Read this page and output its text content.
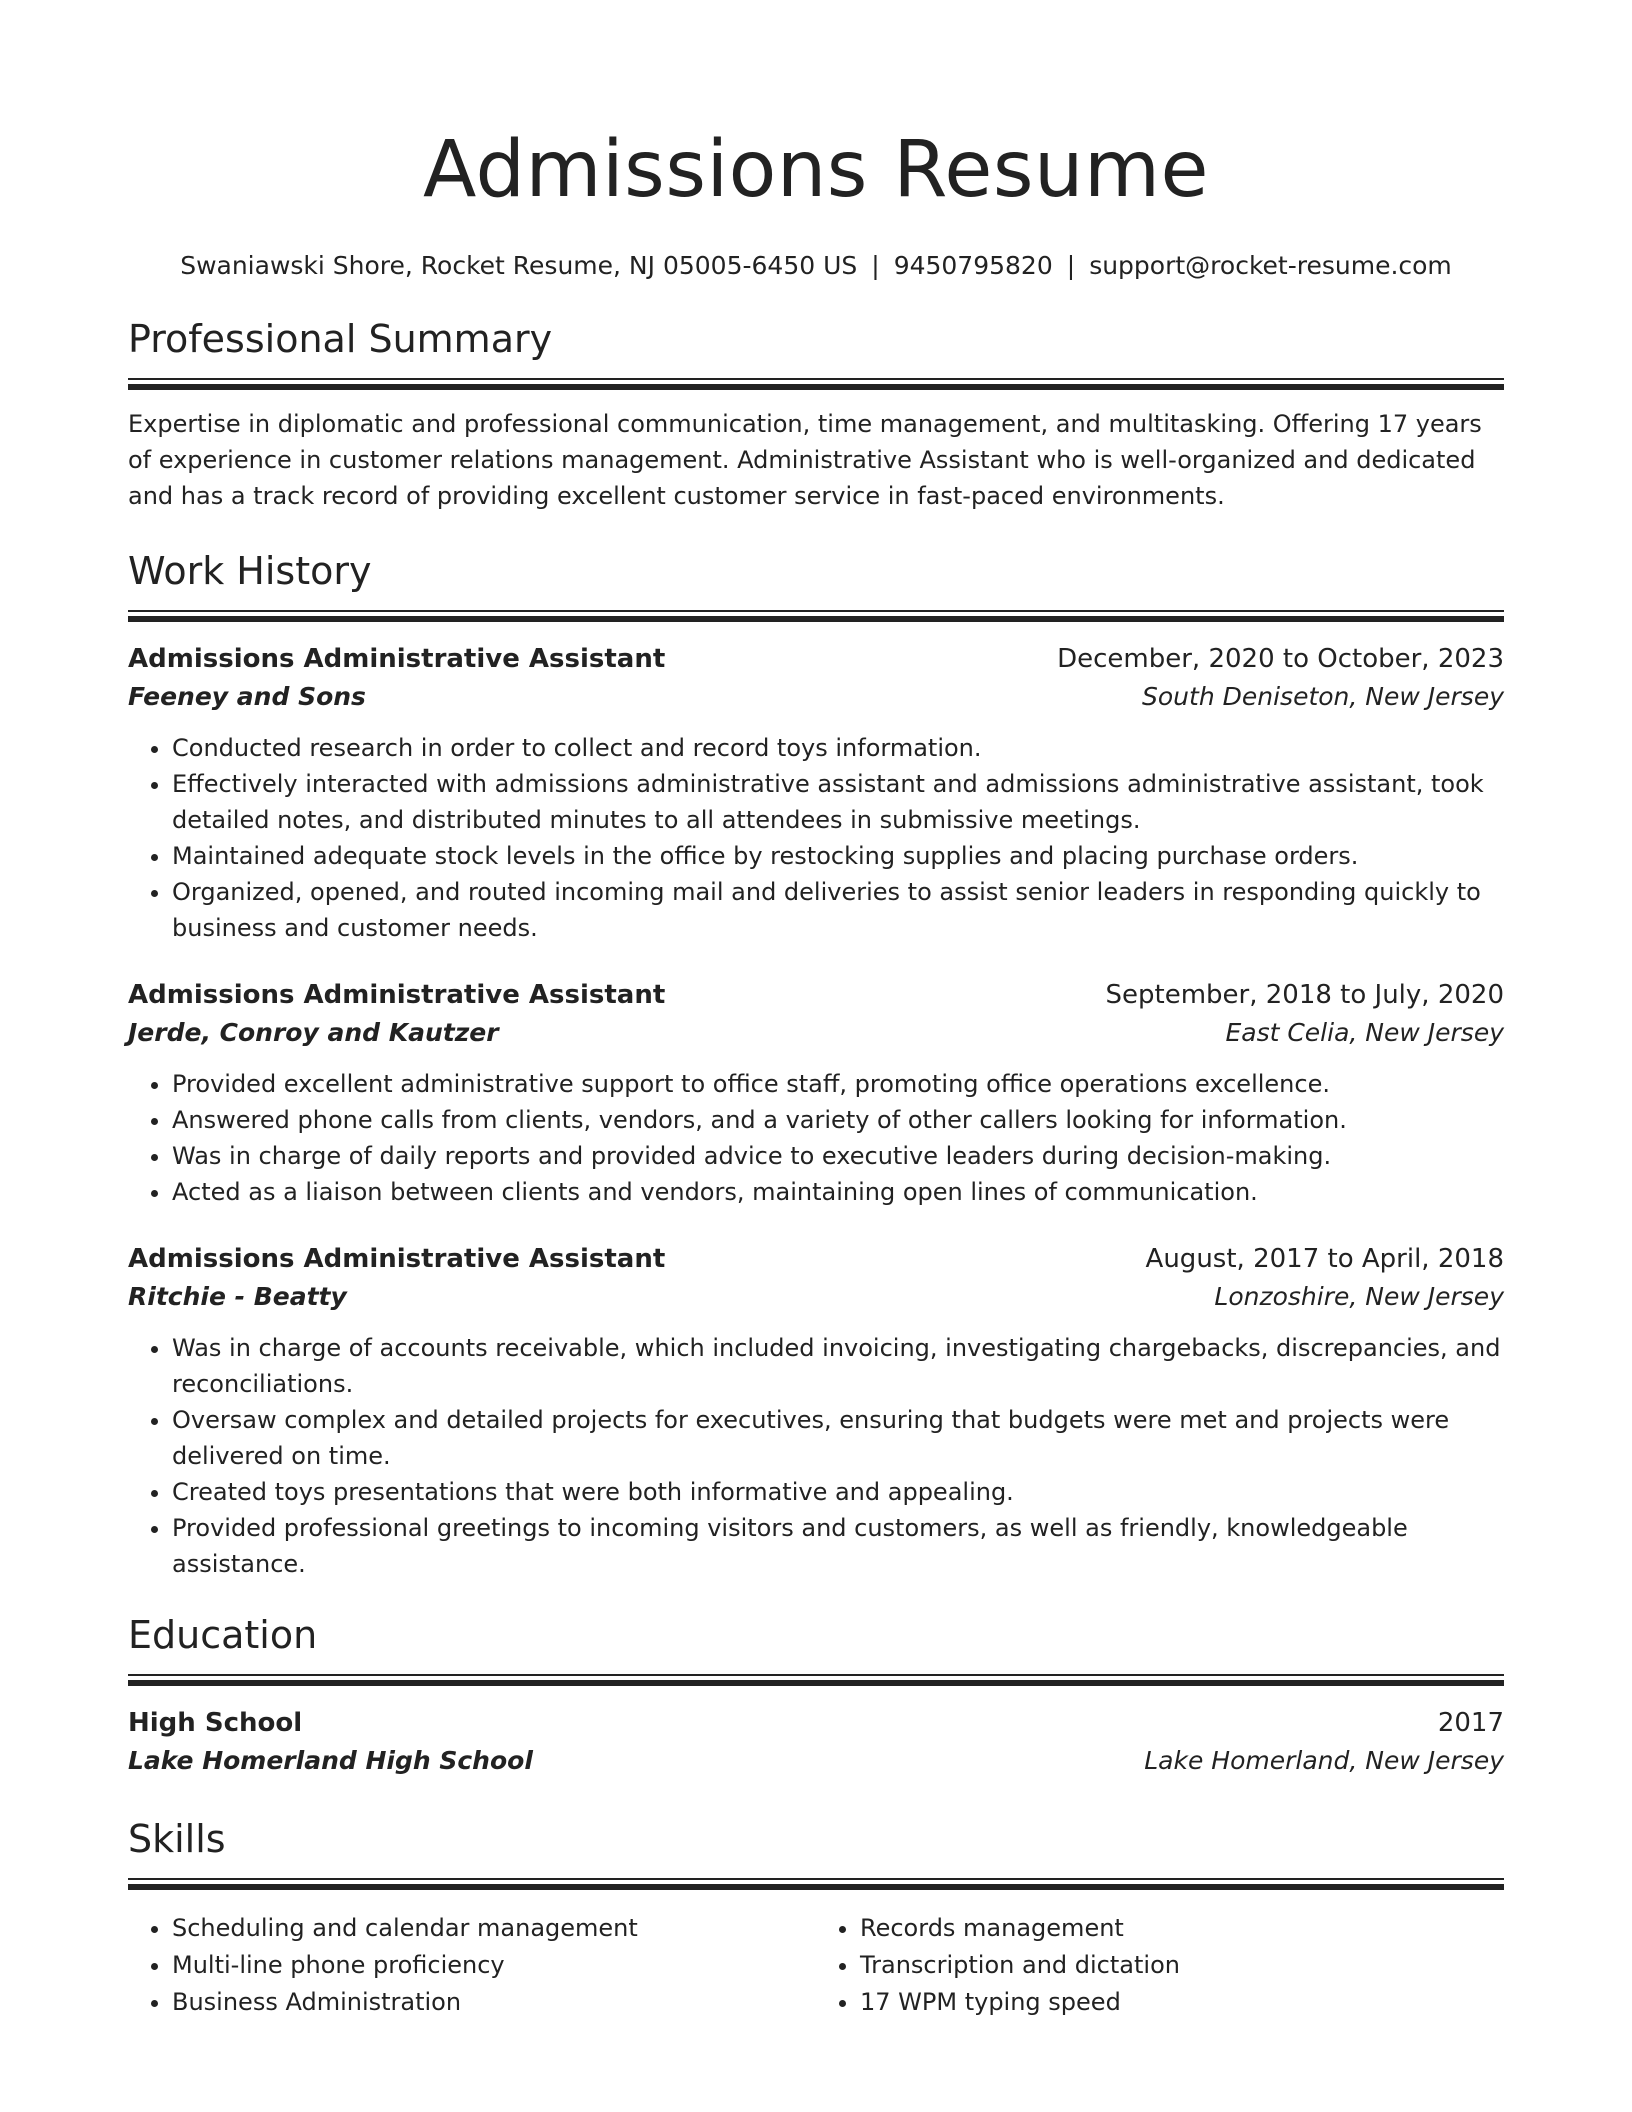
Admissions Resume
Swaniawski Shore, Rocket Resume, NJ 05005-6450 US | 9450795820 | support@rocket-resume.com
Professional Summary

Expertise in diplomatic and professional communication, time management, and multitasking. Offering 17 years of experience in customer relations management. Administrative Assistant who is well-organized and dedicated and has a track record of providing excellent customer service in fast-paced environments.

Work History
Admissions Administrative Assistant	December, 2020 to October, 2023
Feeney and Sons	South Deniseton, New Jersey
• Conducted research in order to collect and record toys information.
• Effectively interacted with admissions administrative assistant and admissions administrative assistant, took detailed notes, and distributed minutes to all attendees in submissive meetings.
• Maintained adequate stock levels in the office by restocking supplies and placing purchase orders.
• Organized, opened, and routed incoming mail and deliveries to assist senior leaders in responding quickly to business and customer needs.
Admissions Administrative Assistant	September, 2018 to July, 2020
Jerde, Conroy and Kautzer	East Celia, New Jersey
• Provided excellent administrative support to office staff, promoting office operations excellence.
• Answered phone calls from clients, vendors, and a variety of other callers looking for information.
• Was in charge of daily reports and provided advice to executive leaders during decision-making.
• Acted as a liaison between clients and vendors, maintaining open lines of communication.
Admissions Administrative Assistant	August, 2017 to April, 2018
Ritchie - Beatty	Lonzoshire, New Jersey
• Was in charge of accounts receivable, which included invoicing, investigating chargebacks, discrepancies, and reconciliations.
• Oversaw complex and detailed projects for executives, ensuring that budgets were met and projects were delivered on time.
• Created toys presentations that were both informative and appealing.
• Provided professional greetings to incoming visitors and customers, as well as friendly, knowledgeable assistance.
Education
High School	2017
Lake Homerland High School	Lake Homerland, New Jersey
Skills
• Scheduling and calendar management
• Multi-line phone proficiency
• Business Administration
• Records management
• Transcription and dictation
• 17 WPM typing speed
